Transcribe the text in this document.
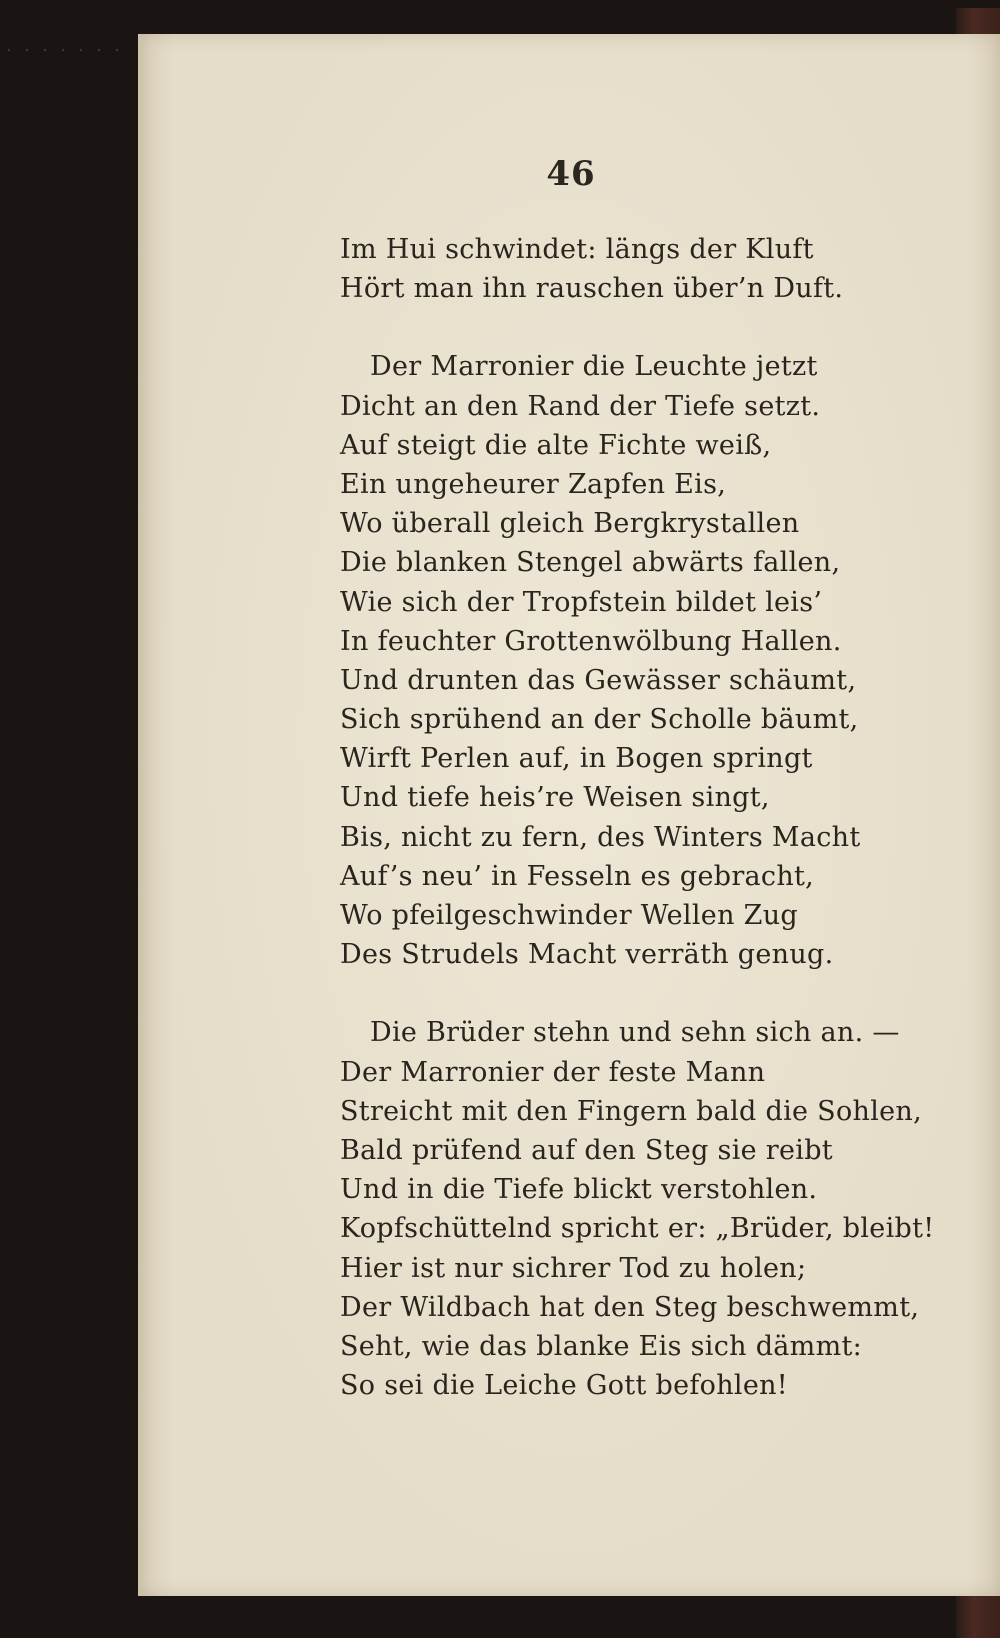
46
Im Hui schwindet: längs der Kluft
Hört man ihn rauschen über’n Duft.
Der Marronier die Leuchte jetzt
Dicht an den Rand der Tiefe setzt.
Auf steigt die alte Fichte weiß,
Ein ungeheurer Zapfen Eis,
Wo überall gleich Bergkrystallen
Die blanken Stengel abwärts fallen,
Wie sich der Tropfstein bildet leis’
In feuchter Grottenwölbung Hallen.
Und drunten das Gewässer schäumt,
Sich sprühend an der Scholle bäumt,
Wirft Perlen auf, in Bogen springt
Und tiefe heis’re Weisen singt,
Bis, nicht zu fern, des Winters Macht
Auf’s neu’ in Fesseln es gebracht,
Wo pfeilgeschwinder Wellen Zug
Des Strudels Macht verräth genug.
Die Brüder stehn und sehn sich an. —
Der Marronier der feste Mann
Streicht mit den Fingern bald die Sohlen,
Bald prüfend auf den Steg sie reibt
Und in die Tiefe blickt verstohlen.
Kopfschüttelnd spricht er: „Brüder, bleibt!
Hier ist nur sichrer Tod zu holen;
Der Wildbach hat den Steg beschwemmt,
Seht, wie das blanke Eis sich dämmt:
So sei die Leiche Gott befohlen!
